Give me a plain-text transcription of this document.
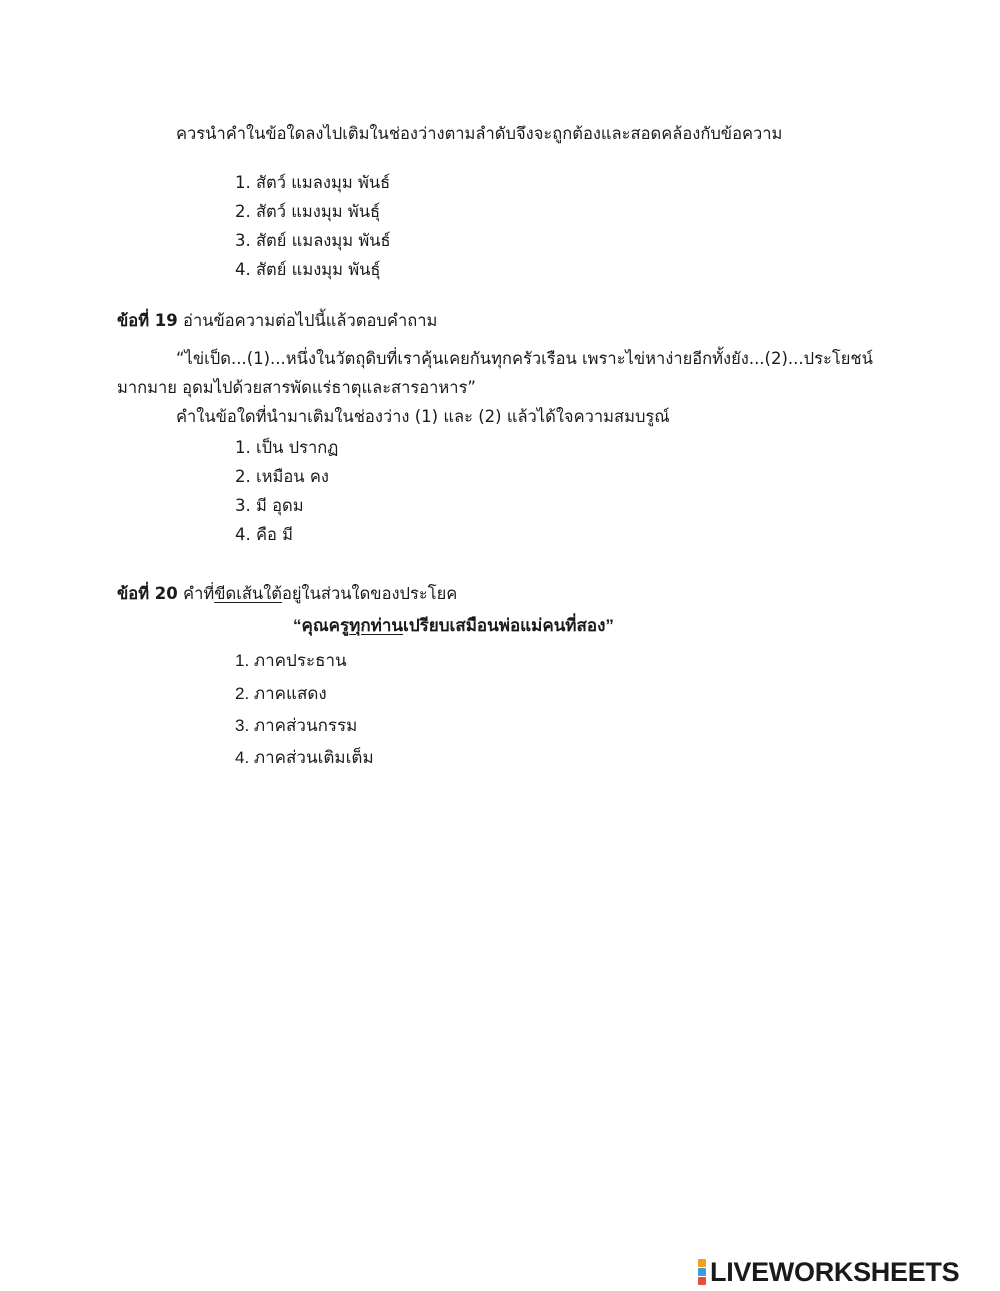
ควรนำคำในข้อใดลงไปเติมในช่องว่างตามลำดับจึงจะถูกต้องและสอดคล้องกับข้อความ
1. สัตว์ แมลงมุม พันธ์
2. สัตว์ แมงมุม พันธุ์
3. สัตย์ แมลงมุม พันธ์
4. สัตย์ แมงมุม พันธุ์
ข้อที่ 19 อ่านข้อความต่อไปนี้แล้วตอบคำถาม
“ไข่เป็ด...(1)...หนึ่งในวัตถุดิบที่เราคุ้นเคยกันทุกครัวเรือน เพราะไข่หาง่ายอีกทั้งยัง...(2)...ประโยชน์
มากมาย อุดมไปด้วยสารพัดแร่ธาตุและสารอาหาร”
คำในข้อใดที่นำมาเติมในช่องว่าง (1) และ (2) แล้วได้ใจความสมบรูณ์
1. เป็น ปรากฏ
2. เหมือน คง
3. มี อุดม
4. คือ มี
ข้อที่ 20 คำที่ขีดเส้นใต้อยู่ในส่วนใดของประโยค
“คุณครูทุกท่านเปรียบเสมือนพ่อแม่คนที่สอง”
1. ภาคประธาน
2. ภาคแสดง
3. ภาคส่วนกรรม
4. ภาคส่วนเติมเต็ม
LIVEWORKSHEETS
